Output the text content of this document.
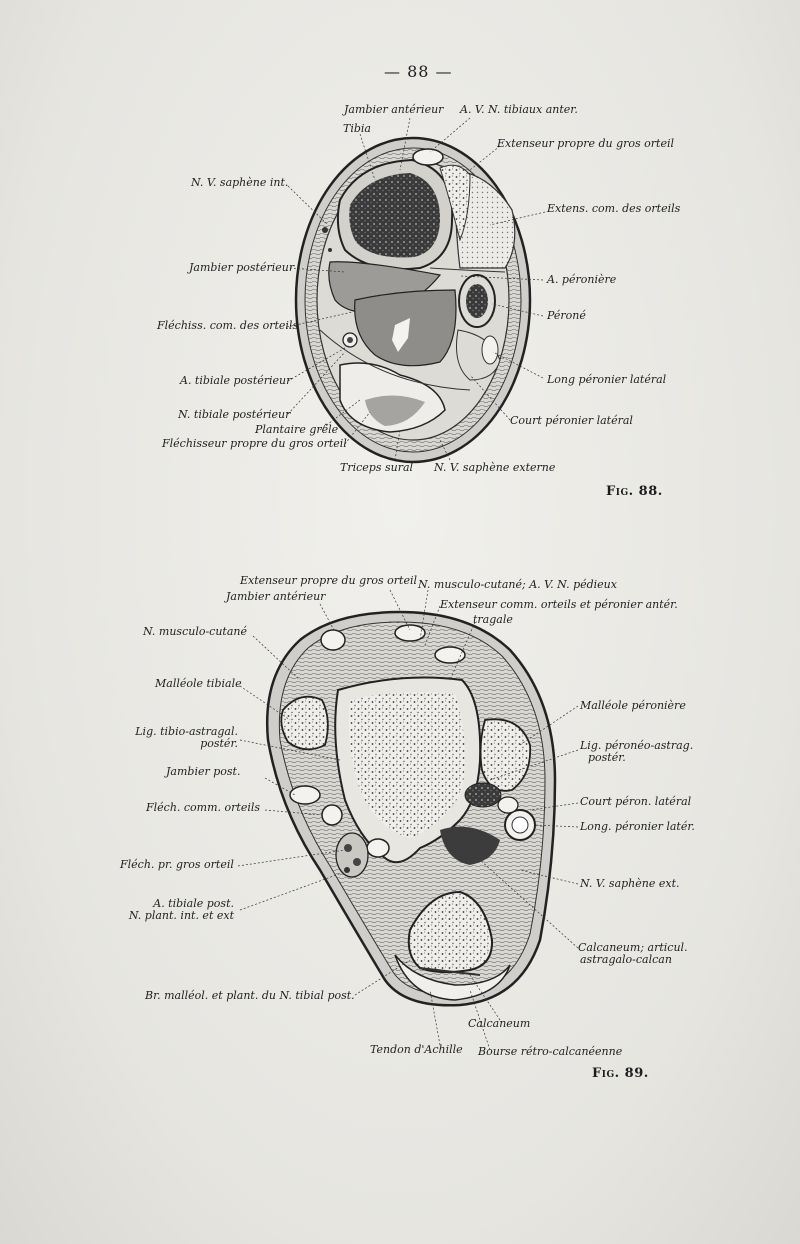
— 88 —
Jambier antérieur A. V. N. tibiaux anter.
Tibia
Extenseur propre du gros orteil
N. V. saphène int.
Extens. com. des orteils
Jambier postérieur
A. péronière
Péroné
Fléchiss. com. des orteils
Long péronier latéral
A. tibiale postérieur
N. tibiale postérieur	Court péronier latéral
Plantaire grêle
Fléchisseur propre du gros orteil
Triceps sural N. V. saphène externe
Fig. 88.
Extenseur propre du gros orteil N. musculo-cutané; A. V. N. pédieux
Jambier antérieur
Extenseur comm. orteils et péronier antér.
tragale
N. musculo-cutané
Malléole tibiale
Malléole péronière
Lig. tibio-astragal.
postér.	Lig. péronéo-astrag.
postér.
Jambier post.
Court péron. latéral
Fléch. comm. orteils
Long. péronier latér.
Fléch. pr. gros orteil
N. V. saphène ext.
A. tibiale post.
N. plant. int. et ext
Calcaneum; articul.
astragalo-calcan
Br. malléol. et plant. du N. tibial post.
Calcaneum
Tendon d'Achille Bourse rétro-calcanéenne
Fig. 89.
